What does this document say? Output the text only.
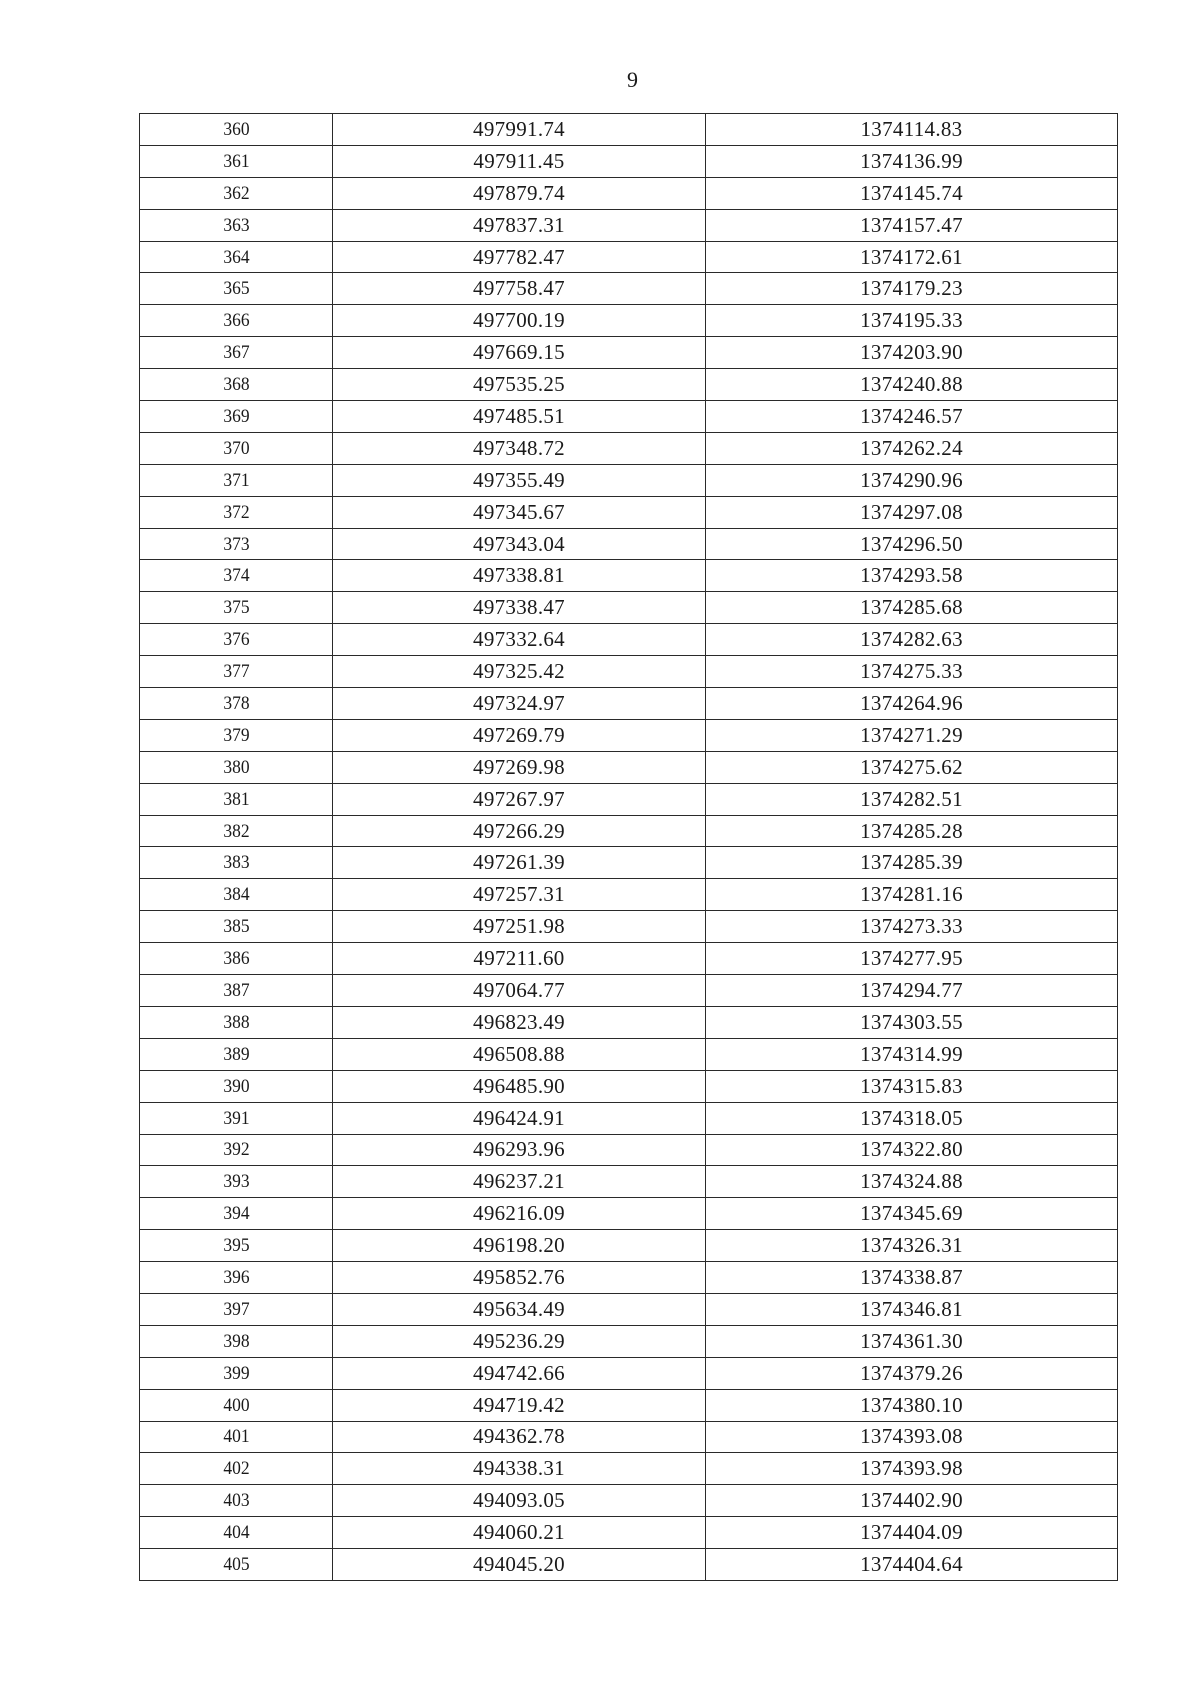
9
360	497991.74	1374114.83
361	497911.45	1374136.99
362	497879.74	1374145.74
363	497837.31	1374157.47
364	497782.47	1374172.61
365	497758.47	1374179.23
366	497700.19	1374195.33
367	497669.15	1374203.90
368	497535.25	1374240.88
369	497485.51	1374246.57
370	497348.72	1374262.24
371	497355.49	1374290.96
372	497345.67	1374297.08
373	497343.04	1374296.50
374	497338.81	1374293.58
375	497338.47	1374285.68
376	497332.64	1374282.63
377	497325.42	1374275.33
378	497324.97	1374264.96
379	497269.79	1374271.29
380	497269.98	1374275.62
381	497267.97	1374282.51
382	497266.29	1374285.28
383	497261.39	1374285.39
384	497257.31	1374281.16
385	497251.98	1374273.33
386	497211.60	1374277.95
387	497064.77	1374294.77
388	496823.49	1374303.55
389	496508.88	1374314.99
390	496485.90	1374315.83
391	496424.91	1374318.05
392	496293.96	1374322.80
393	496237.21	1374324.88
394	496216.09	1374345.69
395	496198.20	1374326.31
396	495852.76	1374338.87
397	495634.49	1374346.81
398	495236.29	1374361.30
399	494742.66	1374379.26
400	494719.42	1374380.10
401	494362.78	1374393.08
402	494338.31	1374393.98
403	494093.05	1374402.90
404	494060.21	1374404.09
405	494045.20	1374404.64
